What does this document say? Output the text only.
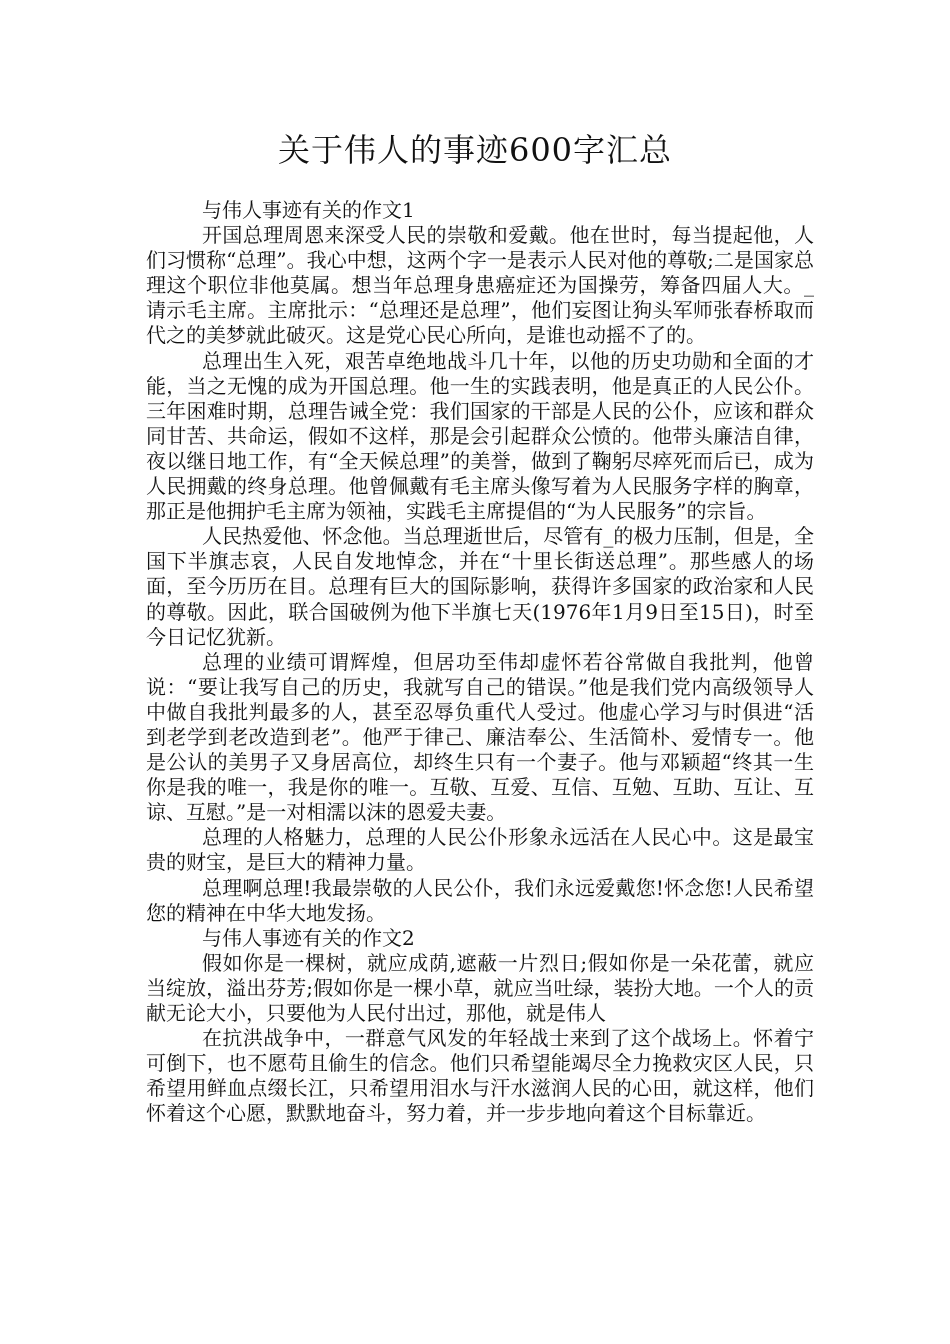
关于伟人的事迹600字汇总

与伟人事迹有关的作文1

开国总理周恩来深受人民的崇敬和爱戴。他在世时，每当提起他，人们习惯称“总理”。我心中想，这两个字一是表示人民对他的尊敬;二是国家总理这个职位非他莫属。想当年总理身患癌症还为国操劳，筹备四届人大。_请示毛主席。主席批示：“总理还是总理”，他们妄图让狗头军师张春桥取而代之的美梦就此破灭。这是党心民心所向，是谁也动摇不了的。

总理出生入死，艰苦卓绝地战斗几十年，以他的历史功勋和全面的才能，当之无愧的成为开国总理。他一生的实践表明，他是真正的人民公仆。三年困难时期，总理告诫全党：我们国家的干部是人民的公仆，应该和群众同甘苦、共命运，假如不这样，那是会引起群众公愤的。他带头廉洁自律，夜以继日地工作，有“全天候总理”的美誉，做到了鞠躬尽瘁死而后已，成为人民拥戴的终身总理。他曾佩戴有毛主席头像写着为人民服务字样的胸章，那正是他拥护毛主席为领袖，实践毛主席提倡的“为人民服务”的宗旨。

人民热爱他、怀念他。当总理逝世后，尽管有_的极力压制，但是，全国下半旗志哀，人民自发地悼念，并在“十里长街送总理”。那些感人的场面，至今历历在目。总理有巨大的国际影响，获得许多国家的政治家和人民的尊敬。因此，联合国破例为他下半旗七天(1976年1月9日至15日)，时至今日记忆犹新。

总理的业绩可谓辉煌，但居功至伟却虚怀若谷常做自我批判，他曾说：“要让我写自己的历史，我就写自己的错误。”他是我们党内高级领导人中做自我批判最多的人，甚至忍辱负重代人受过。他虚心学习与时俱进“活到老学到老改造到老”。他严于律己、廉洁奉公、生活简朴、爱情专一。他是公认的美男子又身居高位，却终生只有一个妻子。他与邓颖超“终其一生你是我的唯一，我是你的唯一。互敬、互爱、互信、互勉、互助、互让、互谅、互慰。”是一对相濡以沫的恩爱夫妻。

总理的人格魅力，总理的人民公仆形象永远活在人民心中。这是最宝贵的财宝，是巨大的精神力量。

总理啊总理!我最崇敬的人民公仆，我们永远爱戴您!怀念您!人民希望您的精神在中华大地发扬。

与伟人事迹有关的作文2

假如你是一棵树，就应成荫,遮蔽一片烈日;假如你是一朵花蕾，就应当绽放，溢出芬芳;假如你是一棵小草，就应当吐绿，装扮大地。一个人的贡献无论大小，只要他为人民付出过，那他，就是伟人

在抗洪战争中，一群意气风发的年轻战士来到了这个战场上。怀着宁可倒下，也不愿苟且偷生的信念。他们只希望能竭尽全力挽救灾区人民，只希望用鲜血点缀长江，只希望用泪水与汗水滋润人民的心田，就这样，他们怀着这个心愿，默默地奋斗，努力着，并一步步地向着这个目标靠近。
